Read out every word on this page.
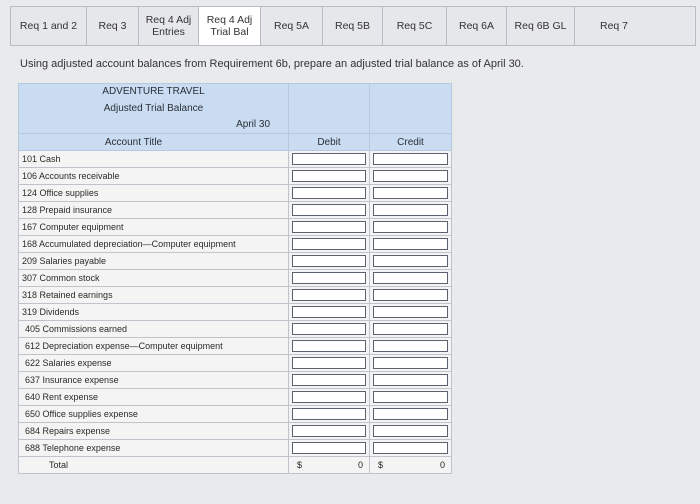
Req 1 and 2	Req 3	Req 4 Adj
Entries
Req 4 Adj
Trial Bal	Req 5A	Req 5B	Req 5C	Req 6A	Req 6B GL	Req 7
Using adjusted account balances from Requirement 6b, prepare an adjusted trial balance as of April 30.
ADVENTURE TRAVEL		
Adjusted Trial Balance		
April 30		
Account Title	Debit	Credit
101 Cash	

106 Accounts receivable	

124 Office supplies	

128 Prepaid insurance	

167 Computer equipment	

168 Accumulated depreciation—Computer equipment	

209 Salaries payable	

307 Common stock	

318 Retained earnings	

319 Dividends	

405 Commissions earned	

612 Depreciation expense—Computer equipment	

622 Salaries expense	

637 Insurance expense	

640 Rent expense	

650 Office supplies expense	

684 Repairs expense	

688 Telephone expense	

Total	$ 0	$ 0
